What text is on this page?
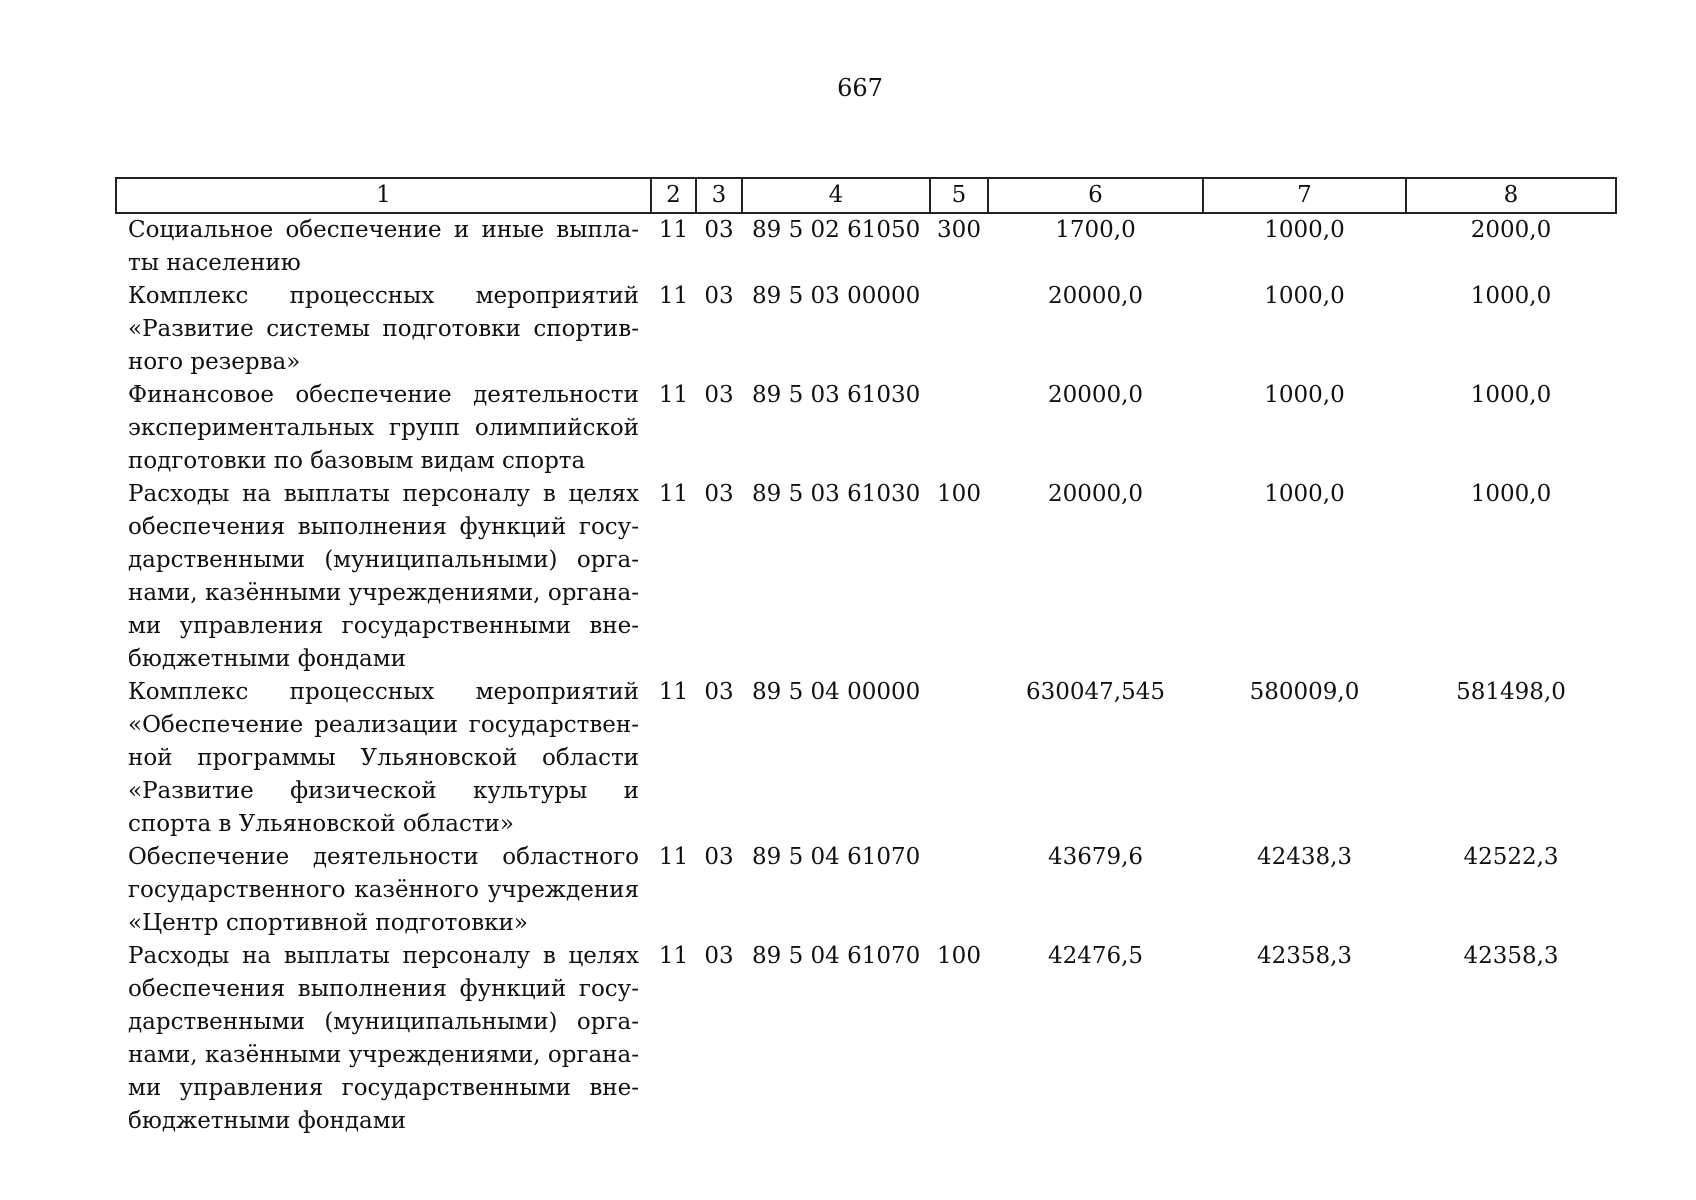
667
1	2	3	4	5	6	7	8
Социальное обеспечение и иные выплаты населению	11	03	89 5 02 61050	300	1700,0	1000,0	2000,0
Комплекс процессных мероприятий «Развитие системы подготовки спортивного резерва»	11	03	89 5 03 00000		20000,0	1000,0	1000,0
Финансовое обеспечение деятельности экспериментальных групп олимпийской подготовки по базовым видам спорта	11	03	89 5 03 61030		20000,0	1000,0	1000,0
Расходы на выплаты персоналу в целях обеспечения выполнения функций государственными (муниципальными) органами, казёнными учреждениями, органами управления государственными внебюджетными фондами	11	03	89 5 03 61030	100	20000,0	1000,0	1000,0
Комплекс процессных мероприятий «Обеспечение реализации государственной программы Ульяновской области «Развитие физической культуры и спорта в Ульяновской области»	11	03	89 5 04 00000		630047,545	580009,0	581498,0
Обеспечение деятельности областного государственного казённого учреждения «Центр спортивной подготовки»	11	03	89 5 04 61070		43679,6	42438,3	42522,3
Расходы на выплаты персоналу в целях обеспечения выполнения функций государственными (муниципальными) органами, казёнными учреждениями, органами управления государственными внебюджетными фондами	11	03	89 5 04 61070	100	42476,5	42358,3	42358,3
